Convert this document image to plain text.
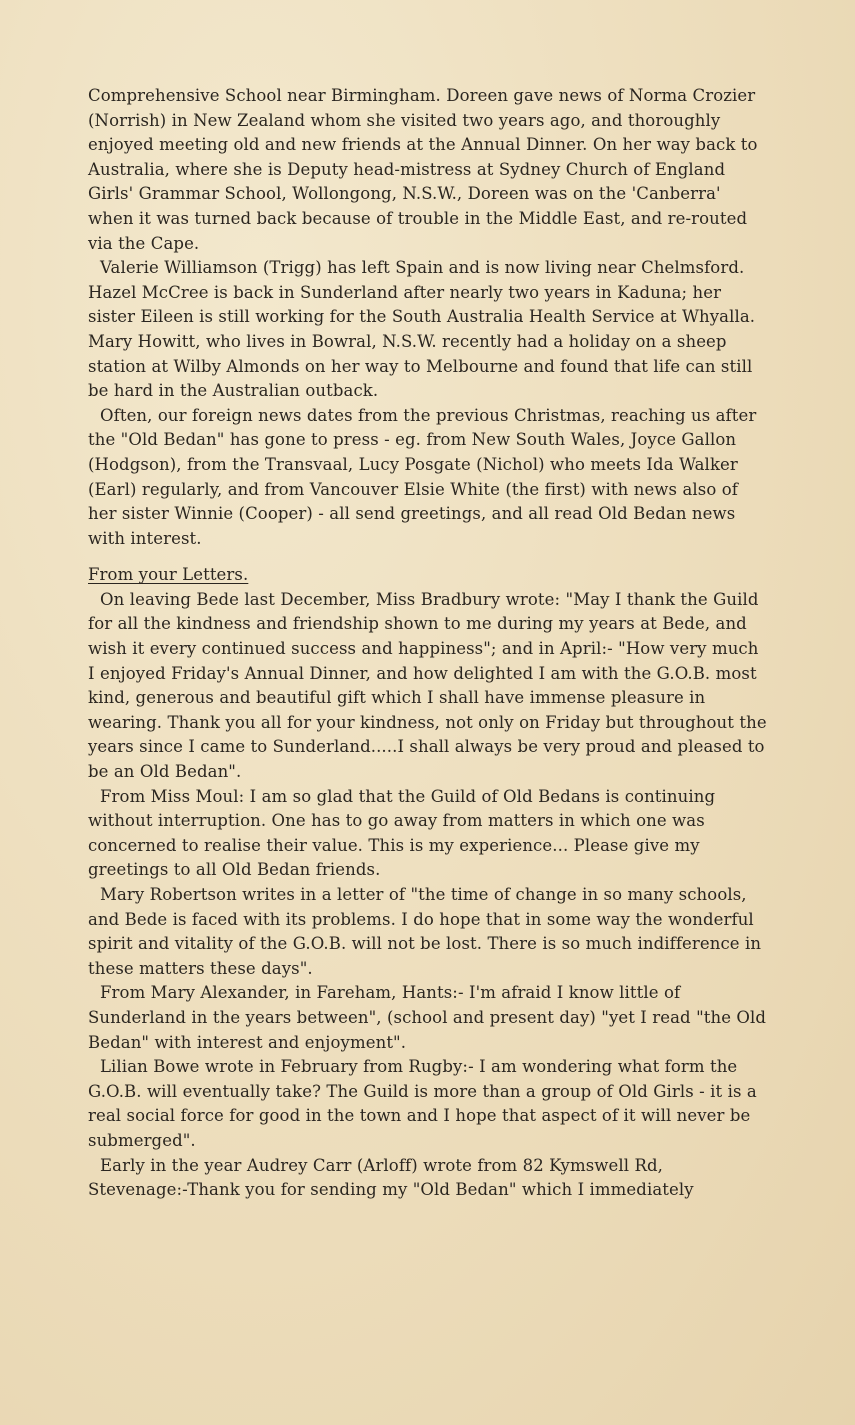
Comprehensive School near Birmingham. Doreen gave news of Norma Crozier (Norrish) in New Zealand whom she visited two years ago, and thoroughly enjoyed meeting old and new friends at the Annual Dinner. On her way back to Australia, where she is Deputy head-mistress at Sydney Church of England Girls' Grammar School, Wollongong, N.S.W., Doreen was on the 'Canberra' when it was turned back because of trouble in the Middle East, and re-routed via the Cape.

Valerie Williamson (Trigg) has left Spain and is now living near Chelmsford. Hazel McCree is back in Sunderland after nearly two years in Kaduna; her sister Eileen is still working for the South Australia Health Service at Whyalla. Mary Howitt, who lives in Bowral, N.S.W. recently had a holiday on a sheep station at Wilby Almonds on her way to Melbourne and found that life can still be hard in the Australian outback.

Often, our foreign news dates from the previous Christmas, reaching us after the "Old Bedan" has gone to press - eg. from New South Wales, Joyce Gallon (Hodgson), from the Transvaal, Lucy Posgate (Nichol) who meets Ida Walker (Earl) regularly, and from Vancouver Elsie White (the first) with news also of her sister Winnie (Cooper) - all send greetings, and all read Old Bedan news with interest.

From your Letters.

On leaving Bede last December, Miss Bradbury wrote: "May I thank the Guild for all the kindness and friendship shown to me during my years at Bede, and wish it every continued success and happiness"; and in April:- "How very much I enjoyed Friday's Annual Dinner, and how delighted I am with the G.O.B. most kind, generous and beautiful gift which I shall have immense pleasure in wearing. Thank you all for your kindness, not only on Friday but throughout the years since I came to Sunderland.....I shall always be very proud and pleased to be an Old Bedan".

From Miss Moul: I am so glad that the Guild of Old Bedans is continuing without interruption. One has to go away from matters in which one was concerned to realise their value. This is my experience... Please give my greetings to all Old Bedan friends.

Mary Robertson writes in a letter of "the time of change in so many schools, and Bede is faced with its problems. I do hope that in some way the wonderful spirit and vitality of the G.O.B. will not be lost. There is so much indifference in these matters these days".

From Mary Alexander, in Fareham, Hants:- I'm afraid I know little of Sunderland in the years between", (school and present day) "yet I read "the Old Bedan" with interest and enjoyment".

Lilian Bowe wrote in February from Rugby:- I am wondering what form the G.O.B. will eventually take? The Guild is more than a group of Old Girls - it is a real social force for good in the town and I hope that aspect of it will never be submerged".

Early in the year Audrey Carr (Arloff) wrote from 82 Kymswell Rd, Stevenage:-Thank you for sending my "Old Bedan" which I immediately
